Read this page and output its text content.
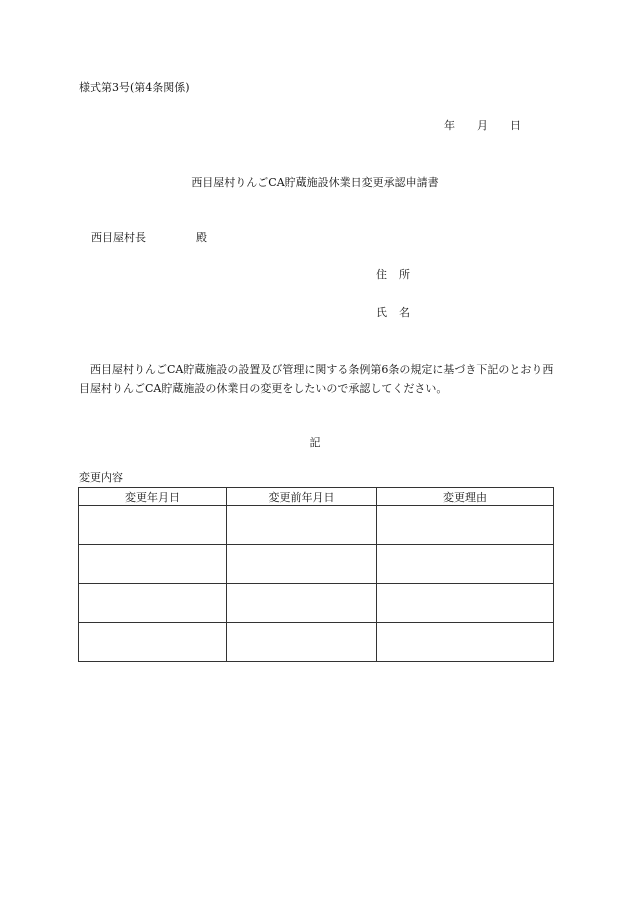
様式第3号(第4条関係)
年 月 日
西目屋村りんごCA貯蔵施設休業日変更承認申請書
西目屋村長	殿
住所
氏名
西目屋村りんごCA貯蔵施設の設置及び管理に関する条例第6条の規定に基づき下記のとおり西目屋村りんごCA貯蔵施設の休業日の変更をしたいので承認してください。
記
変更内容
変更年月日	変更前年月日	変更理由
